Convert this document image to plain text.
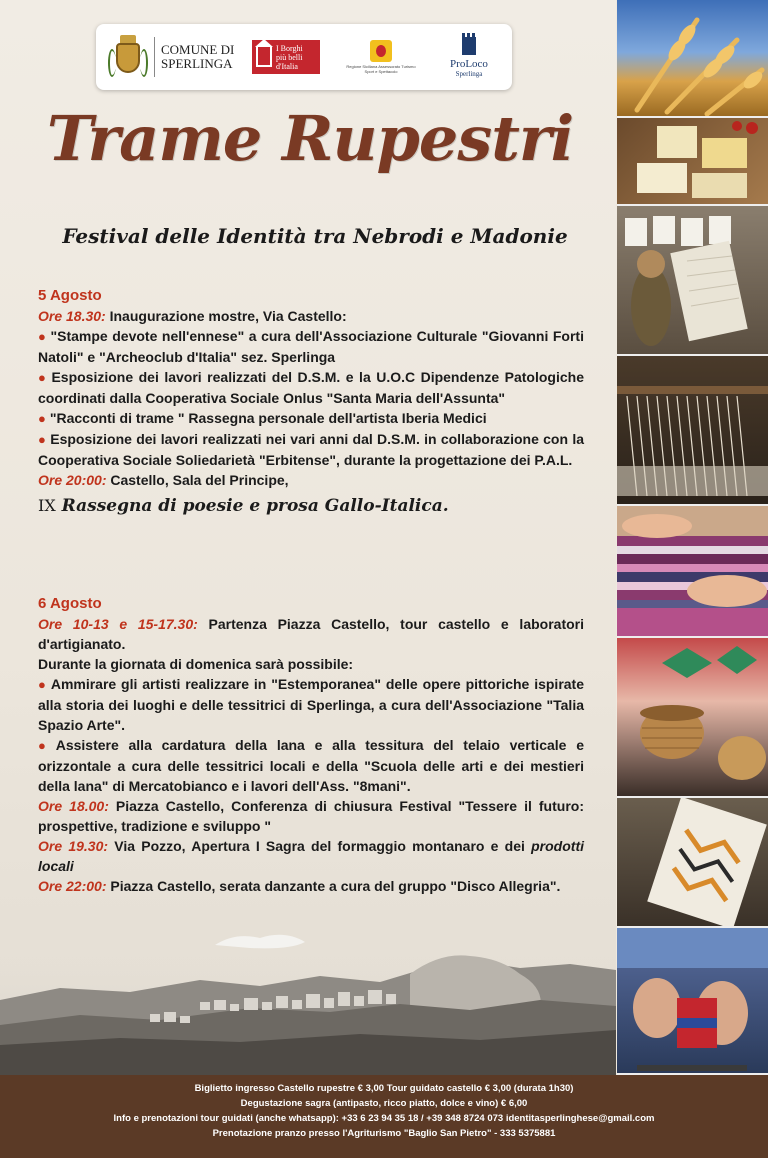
COMUNE DI
SPERLINGA
I Borghi
più belli
d'Italia	Regione Siciliana Assessorato Turismo Sport e Spettacolo
ProLoco
Sperlinga
Trame Rupestri
Festival delle Identità tra Nebrodi e Madonie
5 Agosto
Ore 18.30: Inaugurazione mostre, Via Castello:
● "Stampe devote nell'ennese" a cura dell'Associazione Culturale "Giovanni Forti Natoli" e "Archeoclub d'Italia" sez. Sperlinga
● Esposizione dei lavori realizzati del D.S.M. e la U.O.C Dipendenze Patologiche coordinati dalla Cooperativa Sociale Onlus "Santa Maria dell'Assunta"
● "Racconti di trame " Rassegna personale dell'artista Iberia Medici
● Esposizione dei lavori realizzati nei vari anni dal D.S.M. in collaborazione con la Cooperativa Sociale Soliedarietà "Erbitense", durante la progettazione dei P.A.L.
Ore 20:00: Castello, Sala del Principe,
IX Rassegna di poesie e prosa Gallo-Italica.
6 Agosto
Ore 10-13 e 15-17.30: Partenza Piazza Castello, tour castello e laboratori d'artigianato.
Durante la giornata di domenica sarà possibile:
● Ammirare gli artisti realizzare in "Estemporanea" delle opere pittoriche ispirate alla storia dei luoghi e delle tessitrici di Sperlinga, a cura dell'Associazione "Talia Spazio Arte".
● Assistere alla cardatura della lana e alla tessitura del telaio verticale e orizzontale a cura delle tessitrici locali e della "Scuola delle arti e dei mestieri della lana" di Mercatobianco e i lavori dell'Ass. "8mani".
Ore 18.00: Piazza Castello, Conferenza di chiusura Festival "Tessere il futuro: prospettive, tradizione e sviluppo "
Ore 19.30: Via Pozzo, Apertura I Sagra del formaggio montanaro e dei prodotti locali
Ore 22:00: Piazza Castello, serata danzante a cura del gruppo "Disco Allegria".
Biglietto ingresso Castello rupestre € 3,00 Tour guidato castello € 3,00 (durata 1h30)
Degustazione sagra (antipasto, ricco piatto, dolce e vino) € 6,00
Info e prenotazioni tour guidati (anche whatsapp): +33 6 23 94 35 18 / +39 348 8724 073 identitasperlinghese@gmail.com
Prenotazione pranzo presso l'Agriturismo "Baglio San Pietro" - 333 5375881
